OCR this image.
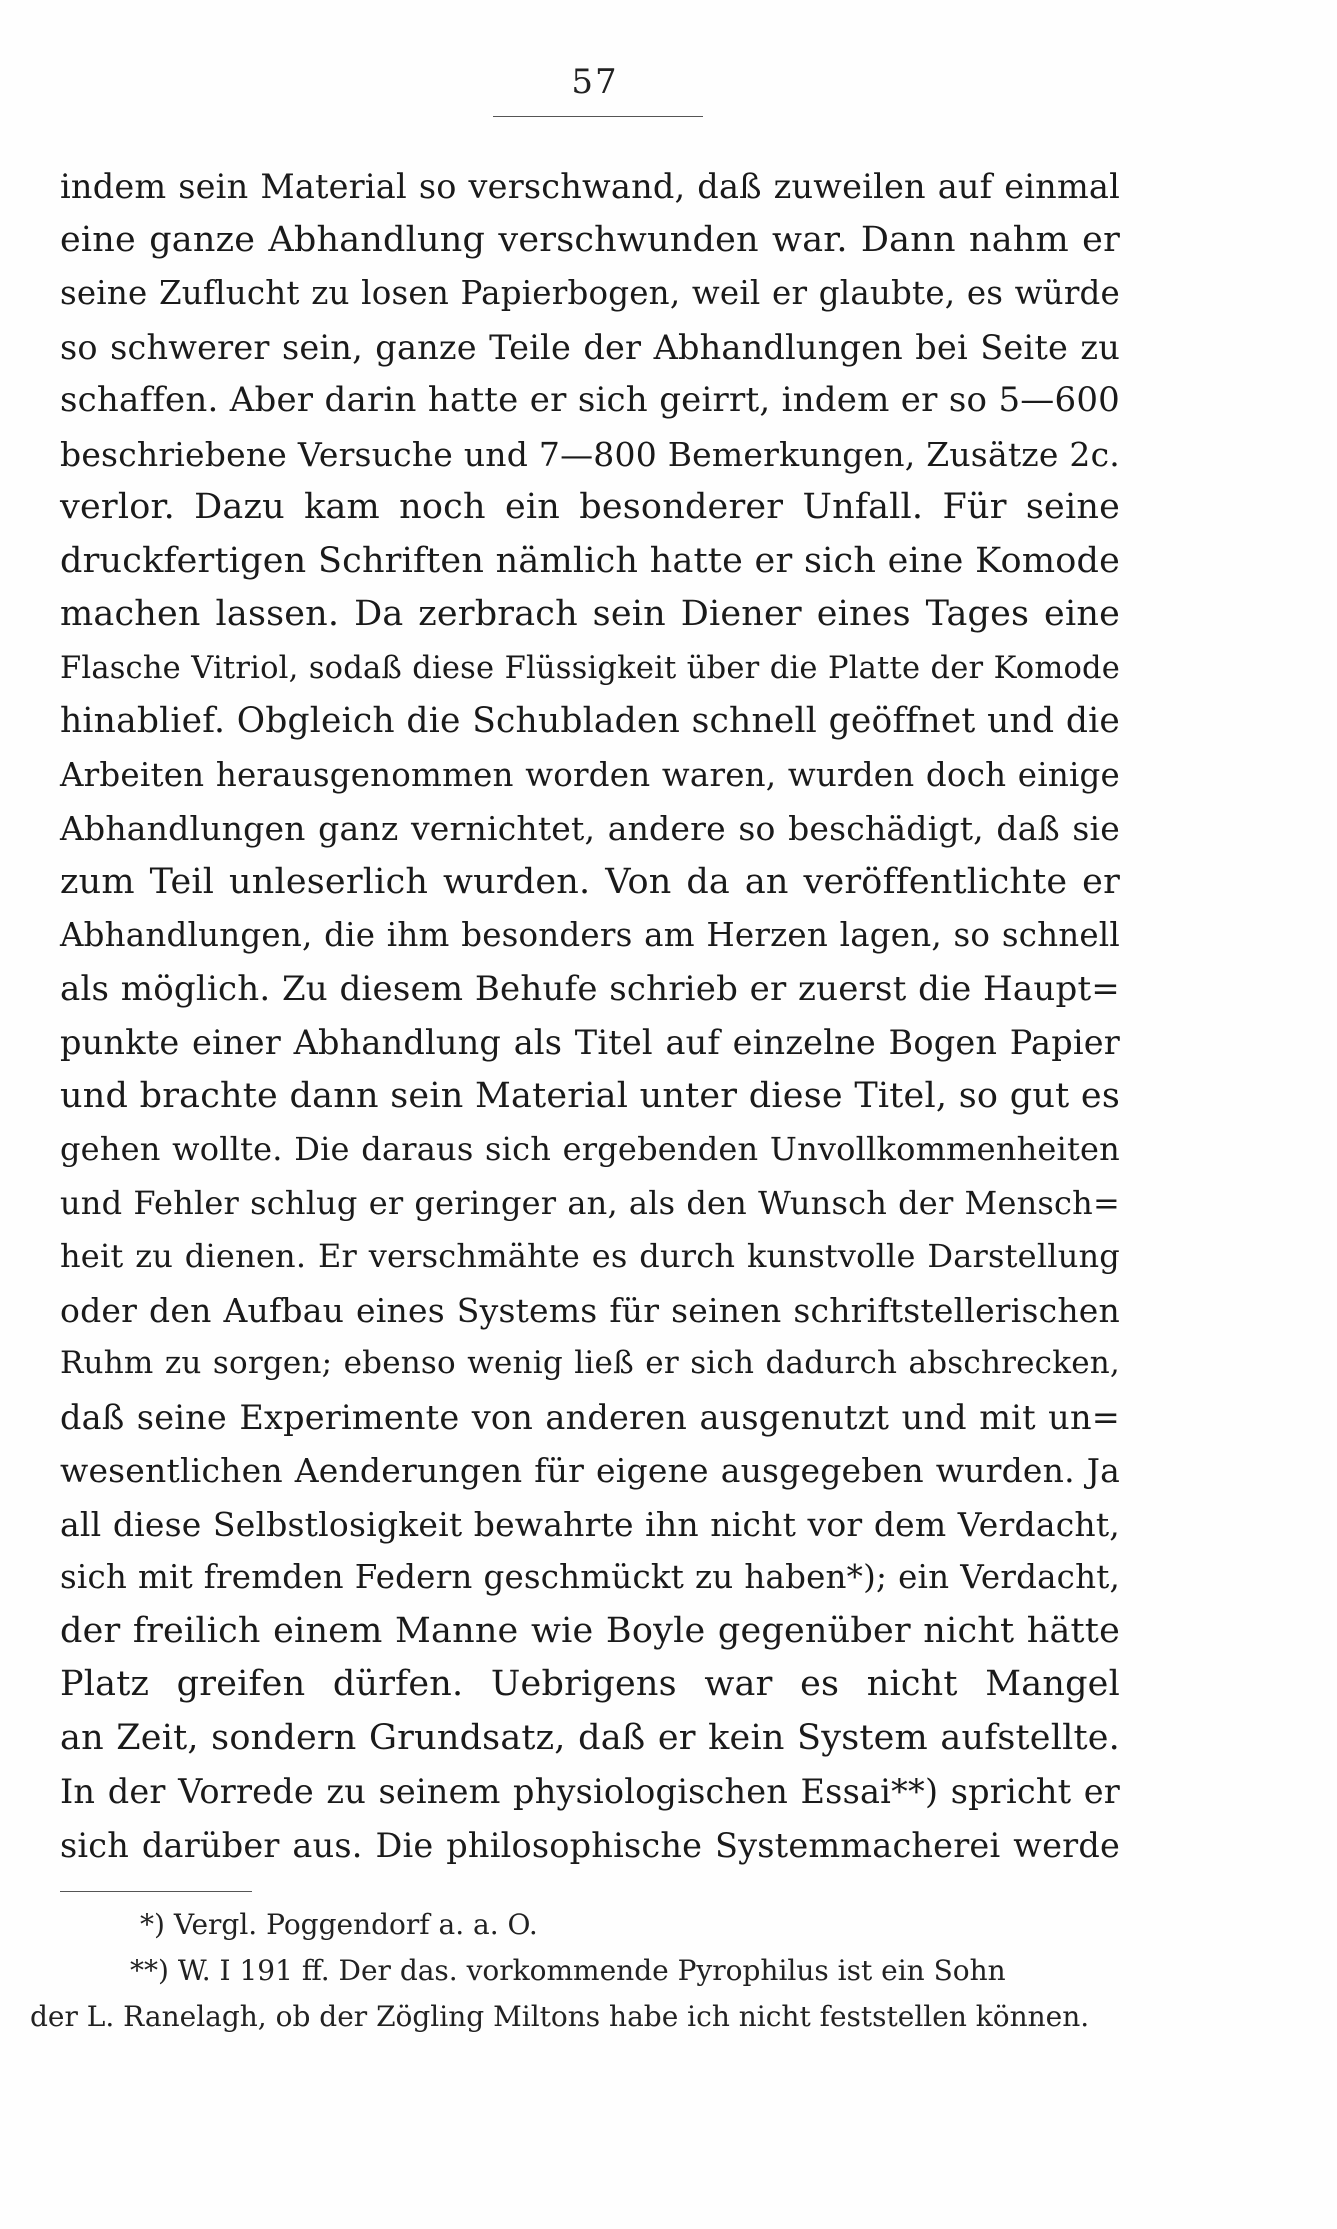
57
indem sein Material so verschwand, daß zuweilen auf einmal
eine ganze Abhandlung verschwunden war. Dann nahm er
seine Zuflucht zu losen Papierbogen, weil er glaubte, es würde
so schwerer sein, ganze Teile der Abhandlungen bei Seite zu
schaffen. Aber darin hatte er sich geirrt, indem er so 5—600
beschriebene Versuche und 7—800 Bemerkungen, Zusätze 2c.
verlor. Dazu kam noch ein besonderer Unfall. Für seine
druckfertigen Schriften nämlich hatte er sich eine Komode
machen lassen. Da zerbrach sein Diener eines Tages eine
Flasche Vitriol, sodaß diese Flüssigkeit über die Platte der Komode
hinablief. Obgleich die Schubladen schnell geöffnet und die
Arbeiten herausgenommen worden waren, wurden doch einige
Abhandlungen ganz vernichtet, andere so beschädigt, daß sie
zum Teil unleserlich wurden. Von da an veröffentlichte er
Abhandlungen, die ihm besonders am Herzen lagen, so schnell
als möglich. Zu diesem Behufe schrieb er zuerst die Haupt=
punkte einer Abhandlung als Titel auf einzelne Bogen Papier
und brachte dann sein Material unter diese Titel, so gut es
gehen wollte. Die daraus sich ergebenden Unvollkommenheiten
und Fehler schlug er geringer an, als den Wunsch der Mensch=
heit zu dienen. Er verschmähte es durch kunstvolle Darstellung
oder den Aufbau eines Systems für seinen schriftstellerischen
Ruhm zu sorgen; ebenso wenig ließ er sich dadurch abschrecken,
daß seine Experimente von anderen ausgenutzt und mit un=
wesentlichen Aenderungen für eigene ausgegeben wurden. Ja
all diese Selbstlosigkeit bewahrte ihn nicht vor dem Verdacht,
sich mit fremden Federn geschmückt zu haben*); ein Verdacht,
der freilich einem Manne wie Boyle gegenüber nicht hätte
Platz greifen dürfen. Uebrigens war es nicht Mangel
an Zeit, sondern Grundsatz, daß er kein System aufstellte.
In der Vorrede zu seinem physiologischen Essai**) spricht er
sich darüber aus. Die philosophische Systemmacherei werde
*) Vergl. Poggendorf a. a. O.
**) W. I 191 ff. Der das. vorkommende Pyrophilus ist ein Sohn
der L. Ranelagh, ob der Zögling Miltons habe ich nicht feststellen können.
